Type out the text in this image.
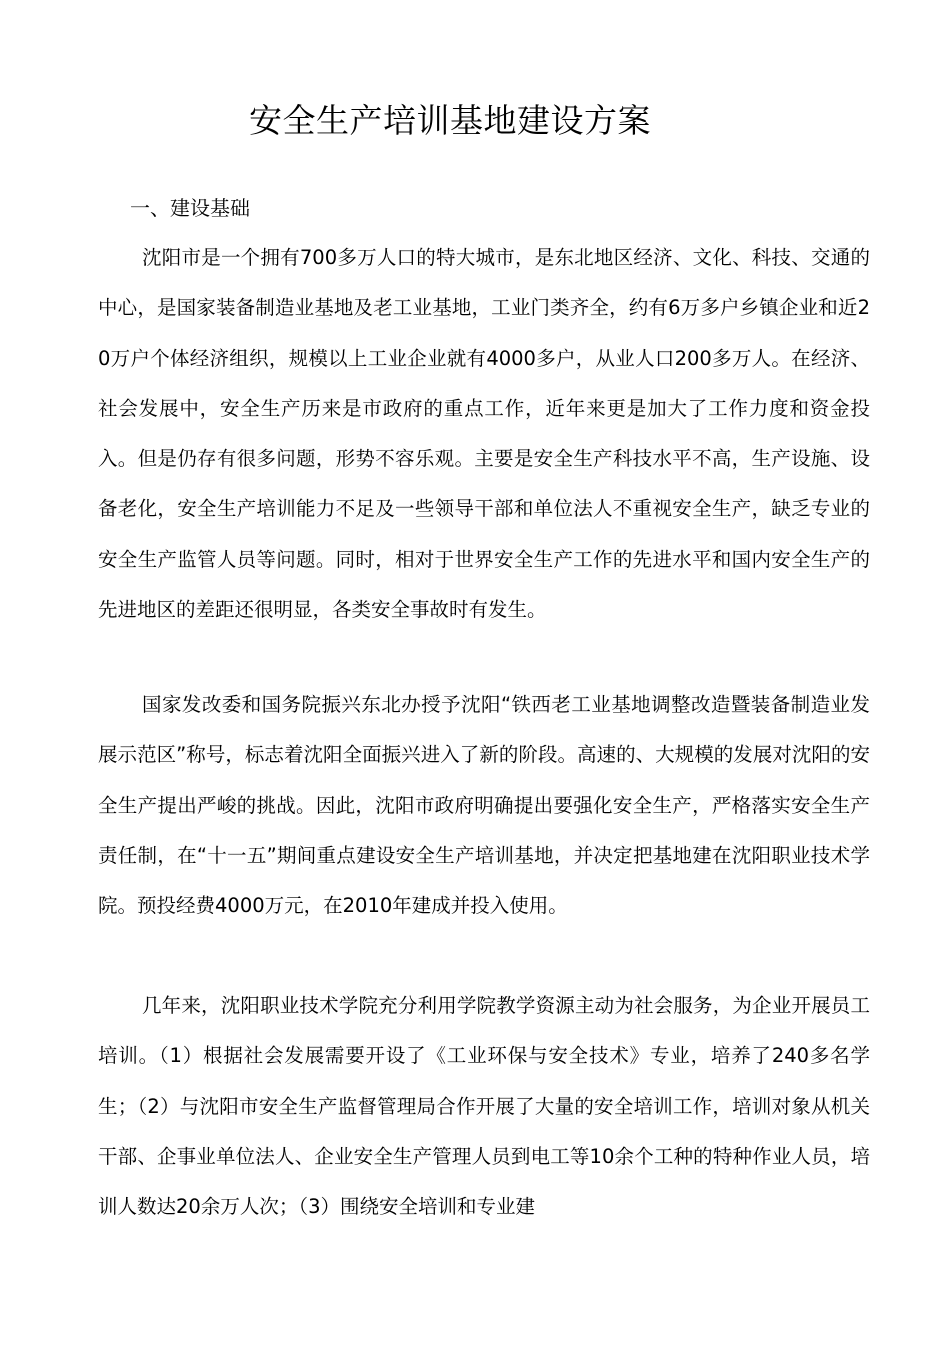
安全生产培训基地建设方案
一、建设基础

沈阳市是一个拥有700多万人口的特大城市，是东北地区经济、文化、科技、交通的中心，是国家装备制造业基地及老工业基地，工业门类齐全，约有6万多户乡镇企业和近20万户个体经济组织，规模以上工业企业就有4000多户，从业人口200多万人。在经济、社会发展中，安全生产历来是市政府的重点工作，近年来更是加大了工作力度和资金投入。但是仍存有很多问题，形势不容乐观。主要是安全生产科技水平不高，生产设施、设备老化，安全生产培训能力不足及一些领导干部和单位法人不重视安全生产，缺乏专业的安全生产监管人员等问题。同时，相对于世界安全生产工作的先进水平和国内安全生产的先进地区的差距还很明显，各类安全事故时有发生。

国家发改委和国务院振兴东北办授予沈阳“铁西老工业基地调整改造暨装备制造业发展示范区”称号，标志着沈阳全面振兴进入了新的阶段。高速的、大规模的发展对沈阳的安全生产提出严峻的挑战。因此，沈阳市政府明确提出要强化安全生产，严格落实安全生产责任制，在“十一五”期间重点建设安全生产培训基地，并决定把基地建在沈阳职业技术学院。预投经费4000万元，在2010年建成并投入使用。

几年来，沈阳职业技术学院充分利用学院教学资源主动为社会服务，为企业开展员工培训。（1）根据社会发展需要开设了《工业环保与安全技术》专业，培养了240多名学生；（2）与沈阳市安全生产监督管理局合作开展了大量的安全培训工作，培训对象从机关干部、企事业单位法人、企业安全生产管理人员到电工等10余个工种的特种作业人员，培训人数达20余万人次；（3）围绕安全培训和专业建
